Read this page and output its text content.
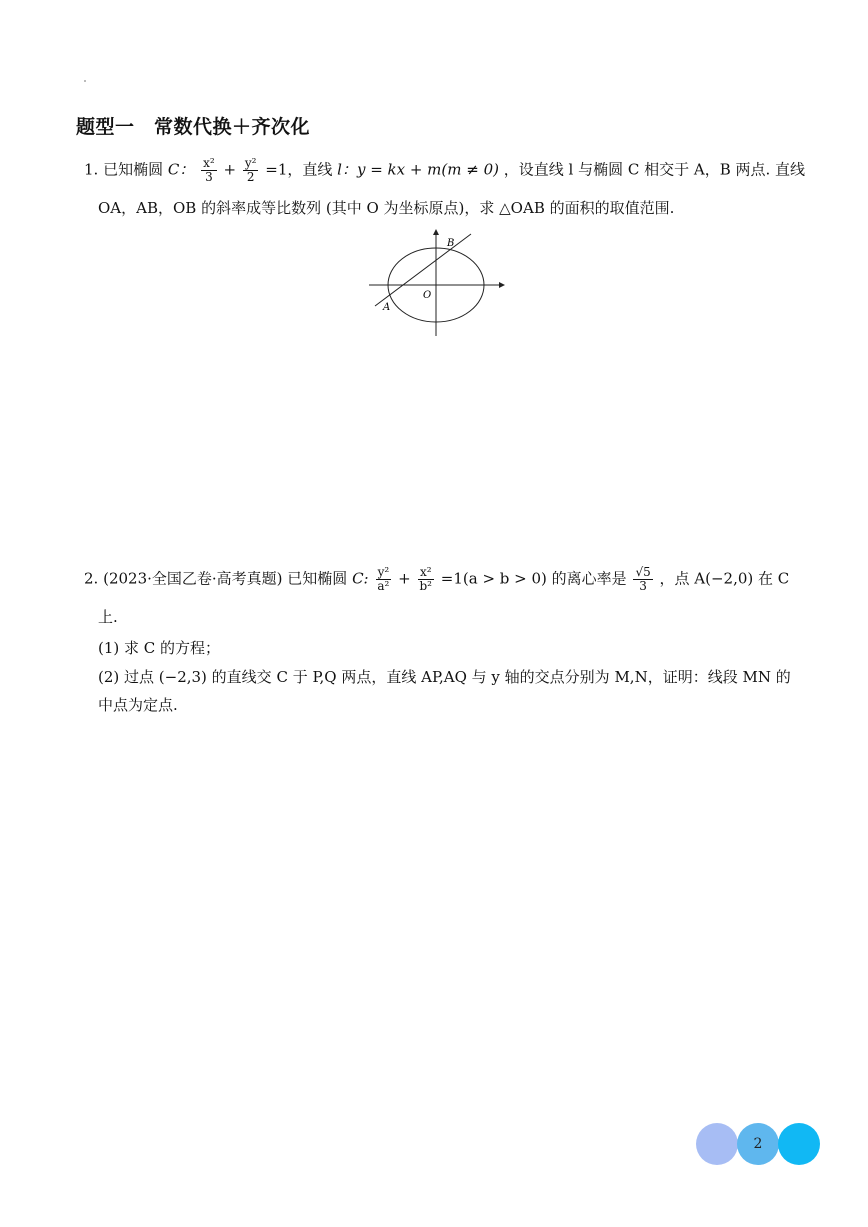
题型一　常数代换＋齐次化
1. 已知椭圆 C： $\frac{\text{x²}}{3} + \frac{\text{y²}}{2} =1$，直线 l：y = kx + m(m ≠ 0) ，设直线 l 与椭圆 C 相交于 A，B 两点. 直线
OA，AB，OB 的斜率成等比数列 (其中 O 为坐标原点)，求 △OAB 的面积的取值范围.
B
O
A
2. (2023·全国乙卷·高考真题) 已知椭圆 C: $\frac{\text{y²}}{\text{a²}} + \frac{\text{x²}}{\text{b²}} =1(a > b > 0)$ 的离心率是 $\frac{√5}{3}$ ，点 A(−2,0) 在 C
上.
(1) 求 C 的方程；
(2) 过点 (−2,3) 的直线交 C 于 P,Q 两点，直线 AP,AQ 与 y 轴的交点分别为 M,N，证明：线段 MN 的
中点为定点.
2
